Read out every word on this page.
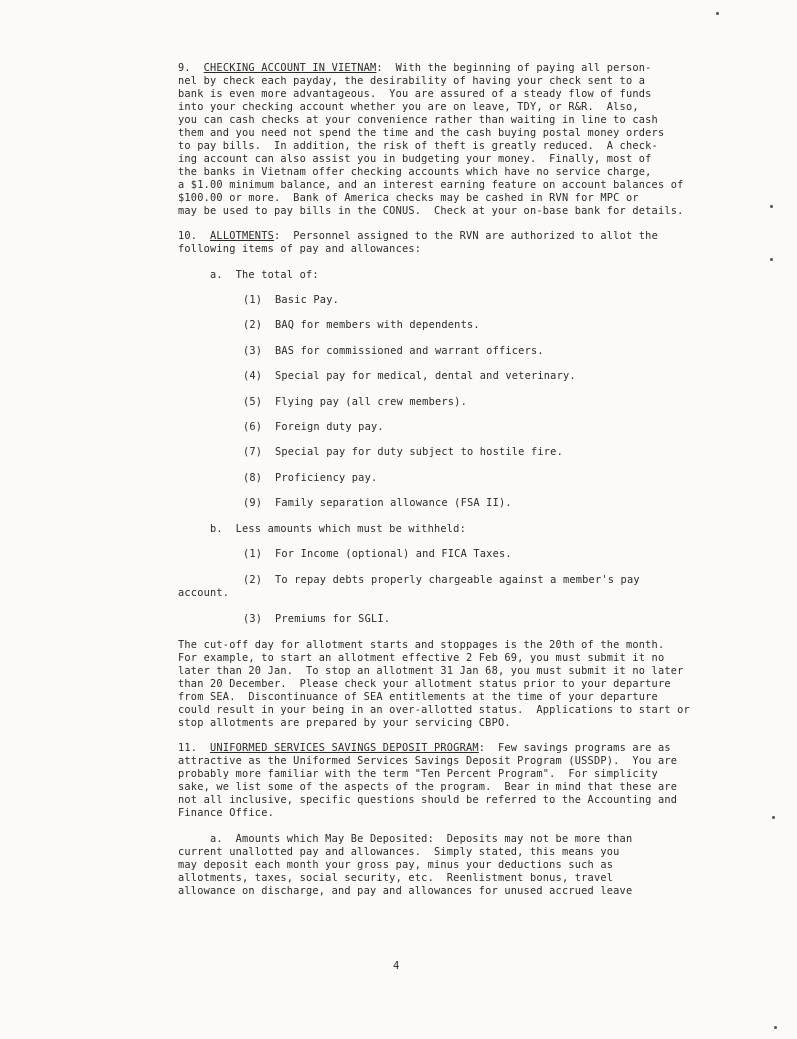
9. CHECKING ACCOUNT IN VIETNAM:  With the beginning of paying all person-
nel by check each payday, the desirability of having your check sent to a
bank is even more advantageous.  You are assured of a steady flow of funds
into your checking account whether you are on leave, TDY, or R&R.  Also,
you can cash checks at your convenience rather than waiting in line to cash
them and you need not spend the time and the cash buying postal money orders
to pay bills.  In addition, the risk of theft is greatly reduced.  A check-
ing account can also assist you in budgeting your money.  Finally, most of
the banks in Vietnam offer checking accounts which have no service charge,
a $1.00 minimum balance, and an interest earning feature on account balances of
$100.00 or more.  Bank of America checks may be cashed in RVN for MPC or
may be used to pay bills in the CONUS.  Check at your on-base bank for details.
10. ALLOTMENTS:  Personnel assigned to the RVN are authorized to allot the
following items of pay and allowances:
a.  The total of:
(1)  Basic Pay.
(2)  BAQ for members with dependents.
(3)  BAS for commissioned and warrant officers.
(4)  Special pay for medical, dental and veterinary.
(5)  Flying pay (all crew members).
(6)  Foreign duty pay.
(7)  Special pay for duty subject to hostile fire.
(8)  Proficiency pay.
(9)  Family separation allowance (FSA II).
b.  Less amounts which must be withheld:
(1)  For Income (optional) and FICA Taxes.
(2)  To repay debts properly chargeable against a member's pay
account.
(3)  Premiums for SGLI.
The cut-off day for allotment starts and stoppages is the 20th of the month.
For example, to start an allotment effective 2 Feb 69, you must submit it no
later than 20 Jan.  To stop an allotment 31 Jan 68, you must submit it no later
than 20 December.  Please check your allotment status prior to your departure
from SEA.  Discontinuance of SEA entitlements at the time of your departure
could result in your being in an over-allotted status.  Applications to start or
stop allotments are prepared by your servicing CBPO.
11. UNIFORMED SERVICES SAVINGS DEPOSIT PROGRAM:  Few savings programs are as
attractive as the Uniformed Services Savings Deposit Program (USSDP).  You are
probably more familiar with the term "Ten Percent Program".  For simplicity
sake, we list some of the aspects of the program.  Bear in mind that these are
not all inclusive, specific questions should be referred to the Accounting and
Finance Office.
a.  Amounts which May Be Deposited:  Deposits may not be more than
current unallotted pay and allowances.  Simply stated, this means you
may deposit each month your gross pay, minus your deductions such as
allotments, taxes, social security, etc.  Reenlistment bonus, travel
allowance on discharge, and pay and allowances for unused accrued leave
4
